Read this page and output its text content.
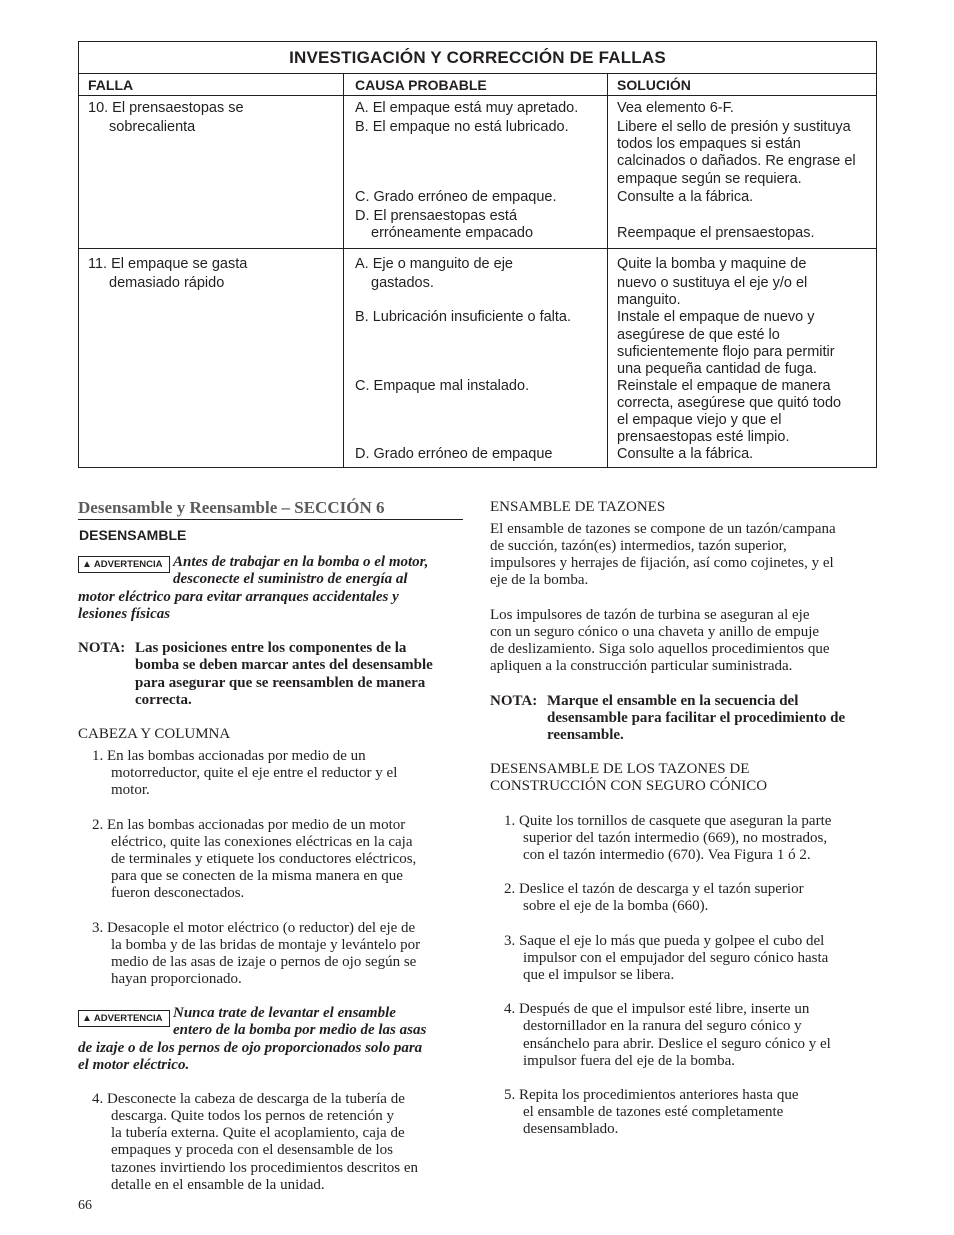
INVESTIGACIÓN Y CORRECCIÓN DE FALLAS
FALLA	CAUSA PROBABLE	SOLUCIÓN
10. El prensaestopas se
sobrecalienta
A. El empaque está muy apretado.
B. El empaque no está lubricado.
C. Grado erróneo de empaque.
D. El prensaestopas está
erróneamente empacado
Vea elemento 6-F.
Libere el sello de presión y sustituya
todos los empaques si están
calcinados o dañados. Re engrase el
empaque según se requiera.
Consulte a la fábrica.
Reempaque el prensaestopas.
11. El empaque se gasta
demasiado rápido
A. Eje o manguito de eje
gastados.
B. Lubricación insuficiente o falta.
C. Empaque mal instalado.
D. Grado erróneo de empaque
Quite la bomba y maquine de
nuevo o sustituya el eje y/o el
manguito.
Instale el empaque de nuevo y
asegúrese de que esté lo
suficientemente flojo para permitir
una pequeña cantidad de fuga.
Reinstale el empaque de manera
correcta, asegúrese que quitó todo
el empaque viejo y que el
prensaestopas esté limpio.
Consulte a la fábrica.
Desensamble y Reensamble – SECCIÓN 6
DESENSAMBLE
▲ ADVERTENCIA Antes de trabajar en la bomba o el motor,
desconecte el suministro de energía al
motor eléctrico para evitar arranques accidentales y
lesiones físicas
NOTA: Las posiciones entre los componentes de la
bomba se deben marcar antes del desensamble
para asegurar que se reensamblen de manera
correcta.
CABEZA Y COLUMNA
1. En las bombas accionadas por medio de un
motorreductor, quite el eje entre el reductor y el
motor.
2. En las bombas accionadas por medio de un motor
eléctrico, quite las conexiones eléctricas en la caja
de terminales y etiquete los conductores eléctricos,
para que se conecten de la misma manera en que
fueron desconectados.
3. Desacople el motor eléctrico (o reductor) del eje de
la bomba y de las bridas de montaje y levántelo por
medio de las asas de izaje o pernos de ojo según se
hayan proporcionado.
▲ ADVERTENCIA Nunca trate de levantar el ensamble
entero de la bomba por medio de las asas
de izaje o de los pernos de ojo proporcionados solo para
el motor eléctrico.
4. Desconecte la cabeza de descarga de la tubería de
descarga. Quite todos los pernos de retención y
la tubería externa. Quite el acoplamiento, caja de
empaques y proceda con el desensamble de los
tazones invirtiendo los procedimientos descritos en
detalle en el ensamble de la unidad.
66
ENSAMBLE DE TAZONES
El ensamble de tazones se compone de un tazón/campana
de succión, tazón(es) intermedios, tazón superior,
impulsores y herrajes de fijación, así como cojinetes, y el
eje de la bomba.
Los impulsores de tazón de turbina se aseguran al eje
con un seguro cónico o una chaveta y anillo de empuje
de deslizamiento. Siga solo aquellos procedimientos que
apliquen a la construcción particular suministrada.
NOTA: Marque el ensamble en la secuencia del
desensamble para facilitar el procedimiento de
reensamble.
DESENSAMBLE DE LOS TAZONES DE
CONSTRUCCIÓN CON SEGURO CÓNICO
1. Quite los tornillos de casquete que aseguran la parte
superior del tazón intermedio (669), no mostrados,
con el tazón intermedio (670). Vea Figura 1 ó 2.
2. Deslice el tazón de descarga y el tazón superior
sobre el eje de la bomba (660).
3. Saque el eje lo más que pueda y golpee el cubo del
impulsor con el empujador del seguro cónico hasta
que el impulsor se libera.
4. Después de que el impulsor esté libre, inserte un
destornillador en la ranura del seguro cónico y
ensánchelo para abrir. Deslice el seguro cónico y el
impulsor fuera del eje de la bomba.
5. Repita los procedimientos anteriores hasta que
el ensamble de tazones esté completamente
desensamblado.
